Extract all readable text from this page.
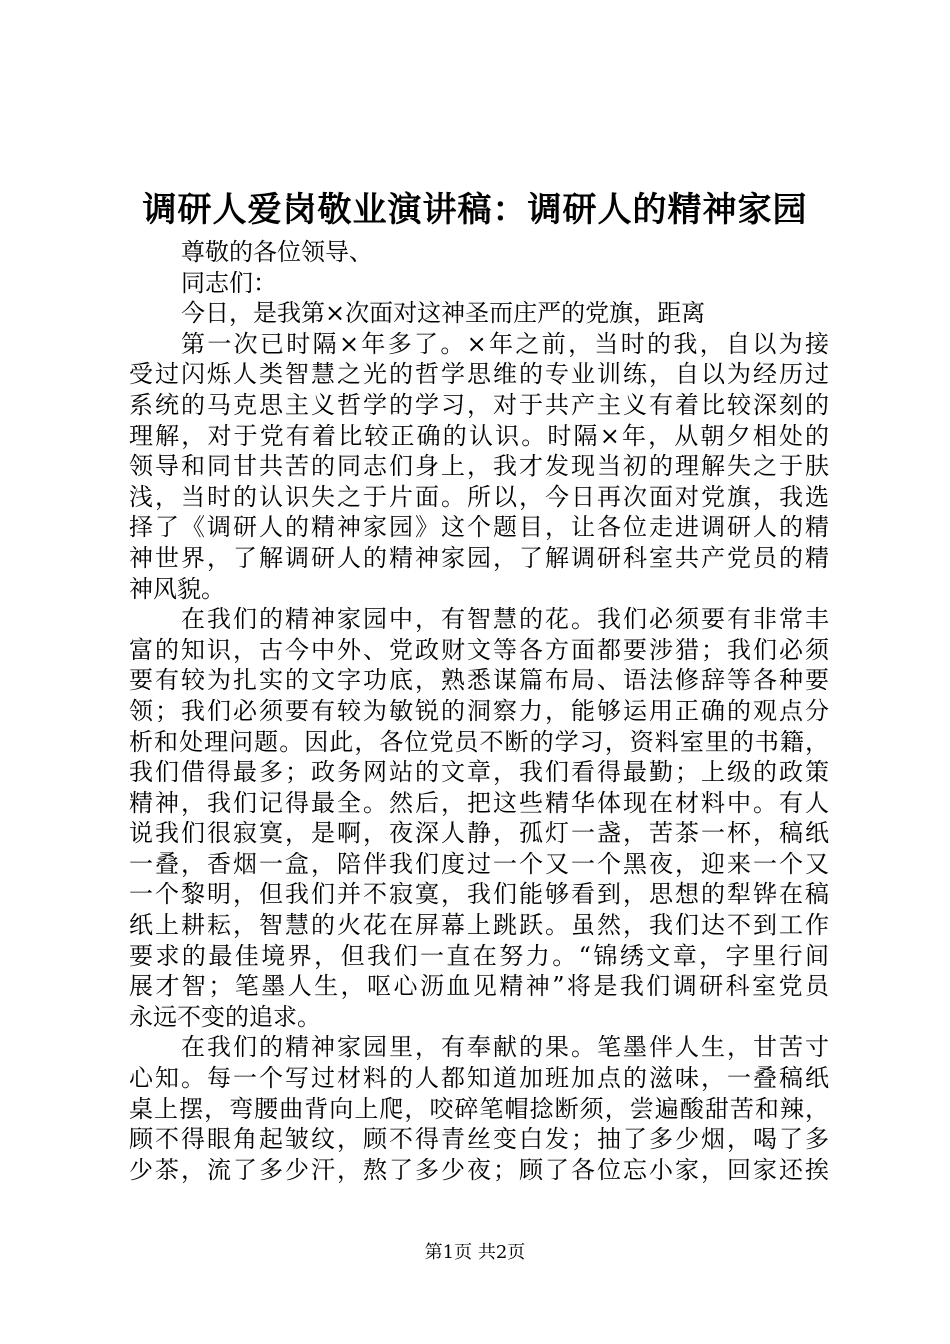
调研人爱岗敬业演讲稿：调研人的精神家园
尊敬的各位领导、
同志们：
今日，是我第×次面对这神圣而庄严的党旗，距离
第一次已时隔×年多了。×年之前，当时的我，自以为接
受过闪烁人类智慧之光的哲学思维的专业训练，自以为经历过
系统的马克思主义哲学的学习，对于共产主义有着比较深刻的
理解，对于党有着比较正确的认识。时隔×年，从朝夕相处的
领导和同甘共苦的同志们身上，我才发现当初的理解失之于肤
浅，当时的认识失之于片面。所以，今日再次面对党旗，我选
择了《调研人的精神家园》这个题目，让各位走进调研人的精
神世界，了解调研人的精神家园，了解调研科室共产党员的精
神风貌。
在我们的精神家园中，有智慧的花。我们必须要有非常丰
富的知识，古今中外、党政财文等各方面都要涉猎；我们必须
要有较为扎实的文字功底，熟悉谋篇布局、语法修辞等各种要
领；我们必须要有较为敏锐的洞察力，能够运用正确的观点分
析和处理问题。因此，各位党员不断的学习，资料室里的书籍，
我们借得最多；政务网站的文章，我们看得最勤；上级的政策
精神，我们记得最全。然后，把这些精华体现在材料中。有人
说我们很寂寞，是啊，夜深人静，孤灯一盏，苦茶一杯，稿纸
一叠，香烟一盒，陪伴我们度过一个又一个黑夜，迎来一个又
一个黎明，但我们并不寂寞，我们能够看到，思想的犁铧在稿
纸上耕耘，智慧的火花在屏幕上跳跃。虽然，我们达不到工作
要求的最佳境界，但我们一直在努力。“锦绣文章，字里行间
展才智；笔墨人生，呕心沥血见精神”将是我们调研科室党员
永远不变的追求。
在我们的精神家园里，有奉献的果。笔墨伴人生，甘苦寸
心知。每一个写过材料的人都知道加班加点的滋味，一叠稿纸
桌上摆，弯腰曲背向上爬，咬碎笔帽捻断须，尝遍酸甜苦和辣，
顾不得眼角起皱纹，顾不得青丝变白发；抽了多少烟，喝了多
少茶，流了多少汗，熬了多少夜；顾了各位忘小家，回家还挨
第1页 共2页
